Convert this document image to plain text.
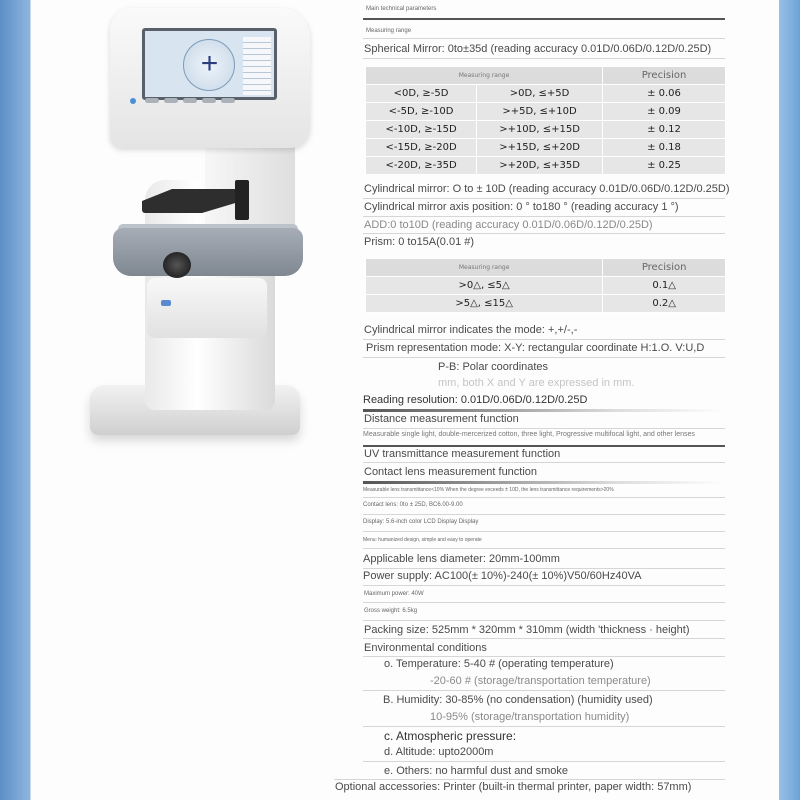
+
Main technical parameters
Measuring range
Spherical Mirror: 0to±35d (reading accuracy 0.01D/0.06D/0.12D/0.25D)
Measuring range		Precision
<0D, ≥-5D	>0D, ≤+5D	± 0.06
<-5D, ≥-10D	>+5D, ≤+10D	± 0.09
<-10D, ≥-15D	>+10D, ≤+15D	± 0.12
<-15D, ≥-20D	>+15D, ≤+20D	± 0.18
<-20D, ≥-35D	>+20D, ≤+35D	± 0.25
Cylindrical mirror: O to ± 10D (reading accuracy 0.01D/0.06D/0.12D/0.25D)
Cylindrical mirror axis position: 0 ° to180 ° (reading accuracy 1 °)
ADD:0 to10D (reading accuracy 0.01D/0.06D/0.12D/0.25D)
Prism: 0 to15A(0.01 #)
Measuring range	Precision
>0△, ≤5△	0.1△
>5△, ≤15△	0.2△
Cylindrical mirror indicates the mode: +,+/-,-
Prism representation mode: X-Y: rectangular coordinate H:1.O. V:U,D
P-B: Polar coordinates
mm, both X and Y are expressed in mm.
Reading resolution: 0.01D/0.06D/0.12D/0.25D
Distance measurement function
Measurable single light, double-mercerized cotton, three light, Progressive multifocal light, and other lenses
UV transmittance measurement function
Contact lens measurement function
Measurable lens transmittance<10% When the degree exceeds ± 10D, the lens transmittance requirements>20%
Contact lens: 0to ± 25D, BC6.00-9.00
Display: 5.6-inch color LCD Display Display
Menu: humanized design, simple and easy to operate
Applicable lens diameter: 20mm-100mm
Power supply: AC100(± 10%)-240(± 10%)V50/60Hz40VA
Maximum power: 40W
Gross weight: 6.5kg
Packing size: 525mm * 320mm * 310mm (width 'thickness · height)
Environmental conditions
o. Temperature: 5-40 # (operating temperature)
-20-60 # (storage/transportation temperature)
B. Humidity: 30-85% (no condensation) (humidity used)
10-95% (storage/transportation humidity)
c. Atmospheric pressure:
d. Altitude: upto2000m
e. Others: no harmful dust and smoke
Optional accessories: Printer (built-in thermal printer, paper width: 57mm)
